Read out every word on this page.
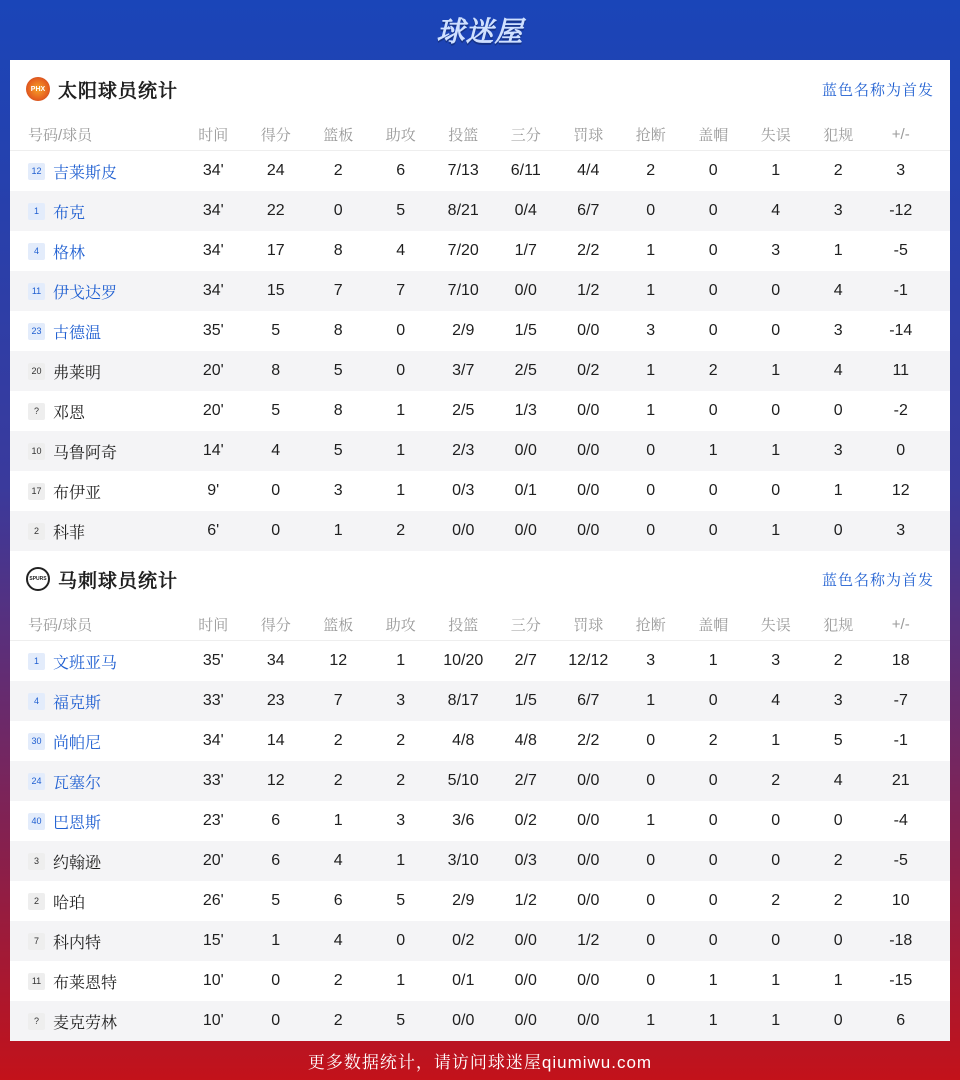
球迷屋
PHX 太阳球员统计	蓝色名称为首发
号码/球员	时间	得分	篮板	助攻	投篮	三分	罚球	抢断	盖帽	失误	犯规	+/-
12 吉莱斯皮	34'	24	2	6	7/13	6/11	4/4	2	0	1	2	3
1 布克	34'	22	0	5	8/21	0/4	6/7	0	0	4	3	-12
4 格林	34'	17	8	4	7/20	1/7	2/2	1	0	3	1	-5
11 伊戈达罗	34'	15	7	7	7/10	0/0	1/2	1	0	0	4	-1
23 古德温	35'	5	8	0	2/9	1/5	0/0	3	0	0	3	-14
20 弗莱明	20'	8	5	0	3/7	2/5	0/2	1	2	1	4	11
? 邓恩	20'	5	8	1	2/5	1/3	0/0	1	0	0	0	-2
10 马鲁阿奇	14'	4	5	1	2/3	0/0	0/0	0	1	1	3	0
17 布伊亚	9'	0	3	1	0/3	0/1	0/0	0	0	0	1	12
2 科菲	6'	0	1	2	0/0	0/0	0/0	0	0	1	0	3
SPURS 马刺球员统计	蓝色名称为首发
号码/球员	时间	得分	篮板	助攻	投篮	三分	罚球	抢断	盖帽	失误	犯规	+/-
1 文班亚马	35'	34	12	1	10/20	2/7	12/12	3	1	3	2	18
4 福克斯	33'	23	7	3	8/17	1/5	6/7	1	0	4	3	-7
30 尚帕尼	34'	14	2	2	4/8	4/8	2/2	0	2	1	5	-1
24 瓦塞尔	33'	12	2	2	5/10	2/7	0/0	0	0	2	4	21
40 巴恩斯	23'	6	1	3	3/6	0/2	0/0	1	0	0	0	-4
3 约翰逊	20'	6	4	1	3/10	0/3	0/0	0	0	0	2	-5
2 哈珀	26'	5	6	5	2/9	1/2	0/0	0	0	2	2	10
7 科内特	15'	1	4	0	0/2	0/0	1/2	0	0	0	0	-18
11 布莱恩特	10'	0	2	1	0/1	0/0	0/0	0	1	1	1	-15
? 麦克劳林	10'	0	2	5	0/0	0/0	0/0	1	1	1	0	6
更多数据统计，请访问球迷屋qiumiwu.com
